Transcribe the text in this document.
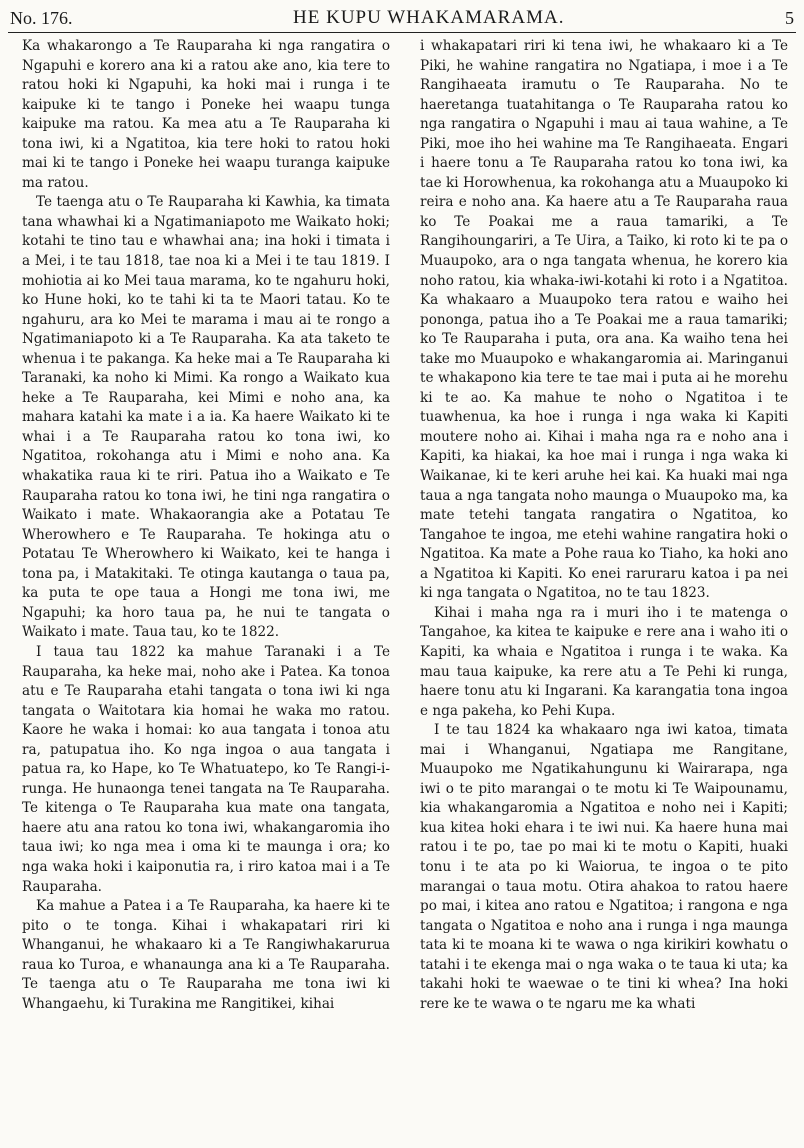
No. 176.	HE KUPU WHAKAMARAMA.	5

Ka whakarongo a Te Rauparaha ki nga rangatira o Ngapuhi e korero ana ki a ratou ake ano, kia tere to ratou hoki ki Ngapuhi, ka hoki mai i runga i te kaipuke ki te tango i Poneke hei waapu tunga kaipuke ma ratou. Ka mea atu a Te Rauparaha ki tona iwi, ki a Ngatitoa, kia tere hoki to ratou hoki mai ki te tango i Poneke hei waapu turanga kaipuke ma ratou.

Te taenga atu o Te Rauparaha ki Kawhia, ka timata tana whawhai ki a Ngatimaniapoto me Waikato hoki; kotahi te tino tau e whawhai ana; ina hoki i timata i a Mei, i te tau 1818, tae noa ki a Mei i te tau 1819. I mohiotia ai ko Mei taua marama, ko te ngahuru hoki, ko Hune hoki, ko te tahi ki ta te Maori tatau. Ko te ngahuru, ara ko Mei te marama i mau ai te rongo a Ngatimaniapoto ki a Te Rauparaha. Ka ata taketo te whenua i te pakanga. Ka heke mai a Te Rauparaha ki Taranaki, ka noho ki Mimi. Ka rongo a Waikato kua heke a Te Rauparaha, kei Mimi e noho ana, ka mahara katahi ka mate i a ia. Ka haere Waikato ki te whai i a Te Rauparaha ratou ko tona iwi, ko Ngatitoa, rokohanga atu i Mimi e noho ana. Ka whakatika raua ki te riri. Patua iho a Waikato e Te Rauparaha ratou ko tona iwi, he tini nga rangatira o Waikato i mate. Whakaorangia ake a Potatau Te Wherowhero e Te Rauparaha. Te hokinga atu o Potatau Te Wherowhero ki Waikato, kei te hanga i tona pa, i Matakitaki. Te otinga kautanga o taua pa, ka puta te ope taua a Hongi me tona iwi, me Ngapuhi; ka horo taua pa, he nui te tangata o Waikato i mate. Taua tau, ko te 1822.

I taua tau 1822 ka mahue Taranaki i a Te Rauparaha, ka heke mai, noho ake i Patea. Ka tonoa atu e Te Rauparaha etahi tangata o tona iwi ki nga tangata o Waitotara kia homai he waka mo ratou. Kaore he waka i homai: ko aua tangata i tonoa atu ra, patupatua iho. Ko nga ingoa o aua tangata i patua ra, ko Hape, ko Te Whatuatepo, ko Te Rangi-i-runga. He hunaonga tenei tangata na Te Rauparaha. Te kitenga o Te Rauparaha kua mate ona tangata, haere atu ana ratou ko tona iwi, whakangaromia iho taua iwi; ko nga mea i oma ki te maunga i ora; ko nga waka hoki i kaiponutia ra, i riro katoa mai i a Te Rauparaha.

Ka mahue a Patea i a Te Rauparaha, ka haere ki te pito o te tonga. Kihai i whakapatari riri ki Whanganui, he whakaaro ki a Te Rangiwhakarurua raua ko Turoa, e whanaunga ana ki a Te Rauparaha. Te taenga atu o Te Rauparaha me tona iwi ki Whangaehu, ki Turakina me Rangitikei, kihai

i whakapatari riri ki tena iwi, he whakaaro ki a Te Piki, he wahine rangatira no Ngatiapa, i moe i a Te Rangihaeata iramutu o Te Rauparaha. No te haeretanga tuatahitanga o Te Rauparaha ratou ko nga rangatira o Ngapuhi i mau ai taua wahine, a Te Piki, moe iho hei wahine ma Te Rangihaeata. Engari i haere tonu a Te Rauparaha ratou ko tona iwi, ka tae ki Horowhenua, ka rokohanga atu a Muaupoko ki reira e noho ana. Ka haere atu a Te Rauparaha raua ko Te Poakai me a raua tamariki, a Te Rangihoungariri, a Te Uira, a Taiko, ki roto ki te pa o Muaupoko, ara o nga tangata whenua, he korero kia noho ratou, kia whaka-iwi-kotahi ki roto i a Ngatitoa. Ka whakaaro a Muaupoko tera ratou e waiho hei pononga, patua iho a Te Poakai me a raua tamariki; ko Te Rauparaha i puta, ora ana. Ka waiho tena hei take mo Muaupoko e whakangaromia ai. Maringanui te whakapono kia tere te tae mai i puta ai he morehu ki te ao. Ka mahue te noho o Ngatitoa i te tuawhenua, ka hoe i runga i nga waka ki Kapiti moutere noho ai. Kihai i maha nga ra e noho ana i Kapiti, ka hiakai, ka hoe mai i runga i nga waka ki Waikanae, ki te keri aruhe hei kai. Ka huaki mai nga taua a nga tangata noho maunga o Muaupoko ma, ka mate tetehi tangata rangatira o Ngatitoa, ko Tangahoe te ingoa, me etehi wahine rangatira hoki o Ngatitoa. Ka mate a Pohe raua ko Tiaho, ka hoki ano a Ngatitoa ki Kapiti. Ko enei raruraru katoa i pa nei ki nga tangata o Ngatitoa, no te tau 1823.

Kihai i maha nga ra i muri iho i te matenga o Tangahoe, ka kitea te kaipuke e rere ana i waho iti o Kapiti, ka whaia e Ngatitoa i runga i te waka. Ka mau taua kaipuke, ka rere atu a Te Pehi ki runga, haere tonu atu ki Ingarani. Ka karangatia tona ingoa e nga pakeha, ko Pehi Kupa.

I te tau 1824 ka whakaaro nga iwi katoa, timata mai i Whanganui, Ngatiapa me Rangitane, Muaupoko me Ngatikahungunu ki Wairarapa, nga iwi o te pito marangai o te motu ki Te Waipounamu, kia whakangaromia a Ngatitoa e noho nei i Kapiti; kua kitea hoki ehara i te iwi nui. Ka haere huna mai ratou i te po, tae po mai ki te motu o Kapiti, huaki tonu i te ata po ki Waiorua, te ingoa o te pito marangai o taua motu. Otira ahakoa to ratou haere po mai, i kitea ano ratou e Ngatitoa; i rangona e nga tangata o Ngatitoa e noho ana i runga i nga maunga tata ki te moana ki te wawa o nga kirikiri kowhatu o tatahi i te ekenga mai o nga waka o te taua ki uta; ka takahi hoki te waewae o te tini ki whea? Ina hoki rere ke te wawa o te ngaru me ka whati
